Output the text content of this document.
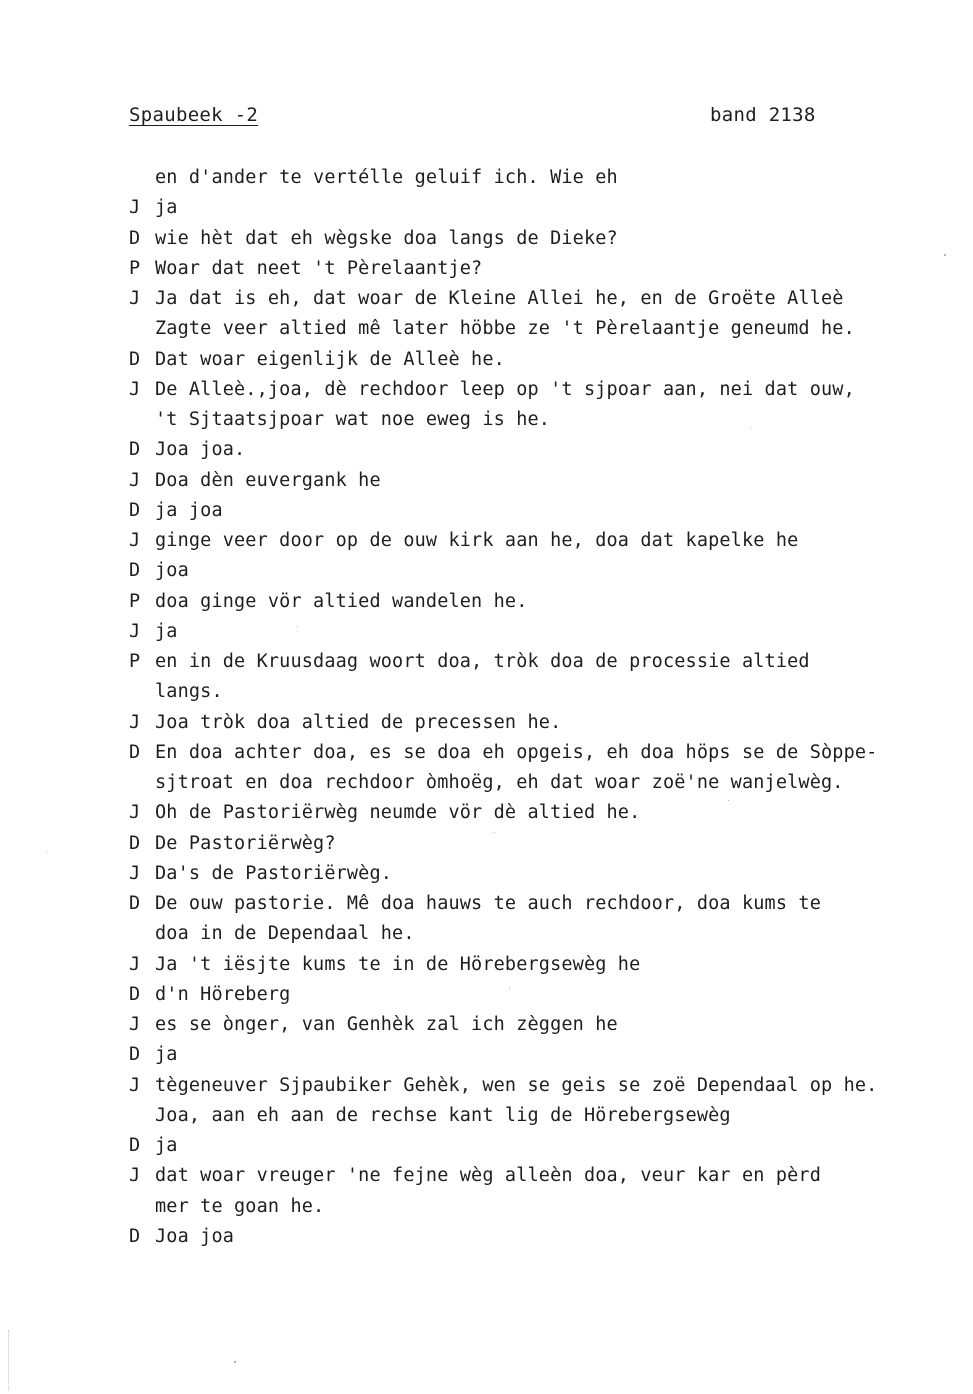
Spaubeek -2	band 2138
en d'ander te vertélle geluif ich. Wie eh
J ja
D wie hèt dat eh wègske doa langs de Dieke?
P Woar dat neet 't Pèrelaantje?
J Ja dat is eh, dat woar de Kleine Allei he, en de Groëte Alleè
Zagte veer altied mê later höbbe ze 't Pèrelaantje geneumd he.
D Dat woar eigenlijk de Alleè he.
J De Alleè.,joa, dè rechdoor leep op 't sjpoar aan, nei dat ouw,
't Sjtaatsjpoar wat noe eweg is he.
D Joa joa.
J Doa dèn euvergank he
D ja joa
J ginge veer door op de ouw kirk aan he, doa dat kapelke he
D joa
P doa ginge vör altied wandelen he.
J ja
P en in de Kruusdaag woort doa, tròk doa de processie altied
langs.
J Joa tròk doa altied de precessen he.
D En doa achter doa, es se doa eh opgeis, eh doa höps se de Sòppe-
sjtroat en doa rechdoor òmhoëg, eh dat woar zoë'ne wanjelwèg.
J Oh de Pastoriërwèg neumde vör dè altied he.
D De Pastoriërwèg?
J Da's de Pastoriërwèg.
D De ouw pastorie. Mê doa hauws te auch rechdoor, doa kums te
doa in de Dependaal he.
J Ja 't iësjte kums te in de Hörebergsewèg he
D d'n Höreberg
J es se ònger, van Genhèk zal ich zèggen he
D ja
J tègeneuver Sjpaubiker Gehèk, wen se geis se zoë Dependaal op he.
Joa, aan eh aan de rechse kant lig de Hörebergsewèg
D ja
J dat woar vreuger 'ne fejne wèg alleèn doa, veur kar en pèrd
mer te goan he.
D Joa joa
